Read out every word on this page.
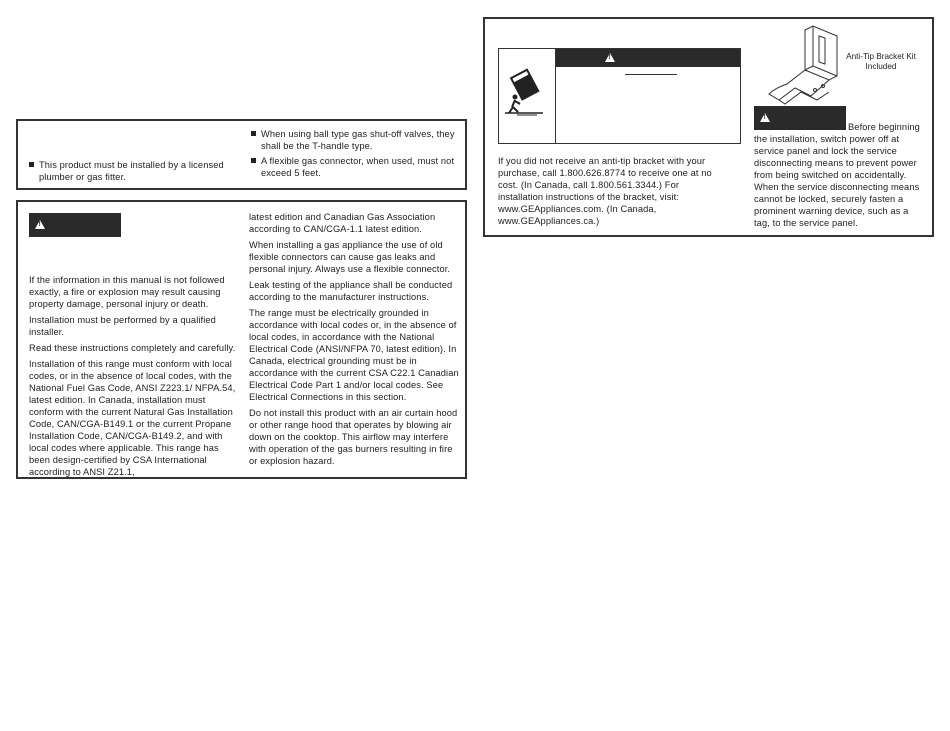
This product must be installed by a licensed plumber or gas fitter.
When using ball type gas shut-off valves, they shall be the T-handle type.
A flexible gas connector, when used, must not exceed 5 feet.
!

If the information in this manual is not followed exactly, a fire or explosion may result causing property damage, personal injury or death.

Installation must be performed by a qualified installer.

Read these instructions completely and carefully.

Installation of this range must conform with local codes, or in the absence of local codes, with the National Fuel Gas Code, ANSI Z223.1/ NFPA.54, latest edition. In Canada, installation must conform with the current Natural Gas Installation Code, CAN/CGA-B149.1 or the current Propane Installation Code, CAN/CGA-B149.2, and with local codes where applicable. This range has been design-certified by CSA International according to ANSI Z21.1,

latest edition and Canadian Gas Association according to CAN/CGA-1.1 latest edition.

When installing a gas appliance the use of old flexible connectors can cause gas leaks and personal injury. Always use a flexible connector.

Leak testing of the appliance shall be conducted according to the manufacturer instructions.

The range must be electrically grounded in accordance with local codes or, in the absence of local codes, in accordance with the National Electrical Code (ANSI/NFPA 70, latest edition). In Canada, electrical grounding must be in accordance with the current CSA C22.1 Canadian Electrical Code Part 1 and/or local codes. See Electrical Connections in this section.

Do not install this product with an air curtain hood or other range hood that operates by blowing air down on the cooktop. This airflow may interfere with operation of the gas burners resulting in fire or explosion hazard.

!
Anti-Tip Bracket Kit Included
If you did not receive an anti-tip bracket with your purchase, call 1.800.626.8774 to receive one at no cost. (In Canada, call 1.800.561.3344.) For installation instructions of the bracket, visit: www.GEAppliances.com. (In Canada, www.GEAppliances.ca.)
!
Before beginning the installation, switch power off at service panel and lock the service disconnecting means to prevent power from being switched on accidentally. When the service disconnecting means cannot be locked, securely fasten a prominent warning device, such as a tag, to the service panel.
